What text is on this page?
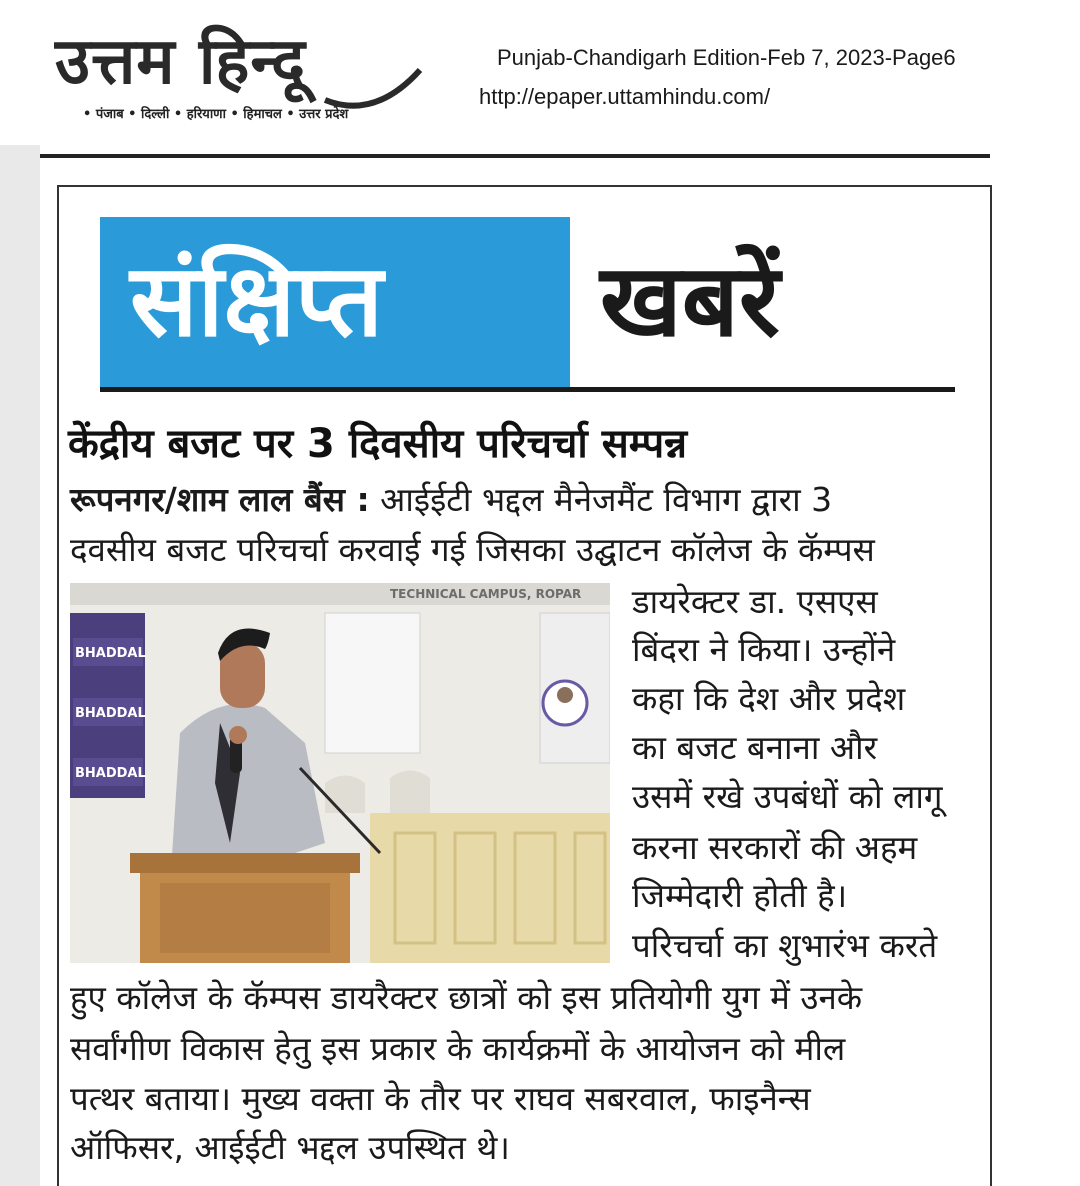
उत्तम हिन्दू
• पंजाब • दिल्ली • हरियाणा • हिमाचल • उत्तर प्रदेश
Punjab-Chandigarh Edition-Feb 7, 2023-Page6
http://epaper.uttamhindu.com/
संक्षिप्त खबरें
केंद्रीय बजट पर 3 दिवसीय परिचर्चा सम्पन्न
रूपनगर/शाम लाल बैंस : आईईटी भद्दल मैनेजमैंट विभाग द्वारा 3
दवसीय बजट परिचर्चा करवाई गई जिसका उद्घाटन कॉलेज के कॅम्पस
TECHNICAL CAMPUS, ROPAR
BHADDAL
BHADDAL
BHADDAL
डायरेक्टर डा. एसएस
बिंदरा ने किया। उन्होंने
कहा कि देश और प्रदेश
का बजट बनाना और
उसमें रखे उपबंधों को लागू
करना सरकारों की अहम
जिम्मेदारी होती है।
परिचर्चा का शुभारंभ करते
हुए कॉलेज के कॅम्पस डायरैक्टर छात्रों को इस प्रतियोगी युग में उनके
सर्वांगीण विकास हेतु इस प्रकार के कार्यक्रमों के आयोजन को मील
पत्थर बताया। मुख्य वक्ता के तौर पर राघव सबरवाल, फाइनैन्स
ऑफिसर, आईईटी भद्दल उपस्थित थे।
